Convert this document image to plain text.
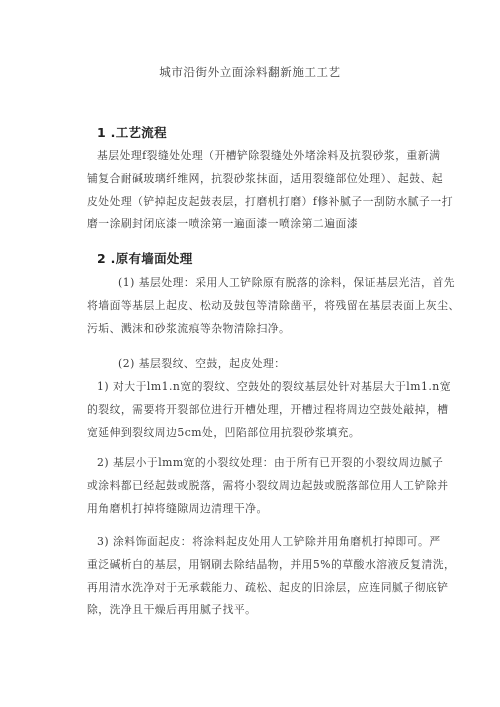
城市沿街外立面涂料翻新施工工艺
1 .工艺流程
基层处理f裂缝处处理（开槽铲除裂缝处外堵涂料及抗裂砂浆，重新满
铺复合耐碱玻璃纤维网，抗裂砂浆抹面，适用裂缝部位处理）、起鼓、起
皮处处理（铲掉起皮起鼓表层，打磨机打磨）f修补腻子一刮防水腻子一打
磨一涂刷封闭底漆一喷涂第一遍面漆一喷涂第二遍面漆
2 .原有墙面处理
(1) 基层处理：采用人工铲除原有脱落的涂料，保证基层光洁，首先
将墙面等基层上起皮、松动及鼓包等清除凿平，将残留在基层表面上灰尘、
污垢、溅沫和砂浆流痕等杂物清除扫净。
(2) 基层裂纹、空鼓，起皮处理：
1) 对大于lm1.n宽的裂纹、空鼓处的裂纹基层处针对基层大于lm1.n宽
的裂纹，需要将开裂部位进行开槽处理，开槽过程将周边空鼓处敲掉，槽
宽延伸到裂纹周边5cm处，凹陷部位用抗裂砂浆填充。
2) 基层小于lmm宽的小裂纹处理：由于所有已开裂的小裂纹周边腻子
或涂料都已经起鼓或脱落，需将小裂纹周边起鼓或脱落部位用人工铲除并
用角磨机打掉将缝隙周边清理干净。
3) 涂料饰面起皮：将涂料起皮处用人工铲除并用角磨机打掉即可。严
重泛碱析白的基层，用钢刷去除结晶物，并用5%的草酸水溶液反复清洗，
再用清水洗净对于无承载能力、疏松、起皮的旧涂层，应连同腻子彻底铲
除，洗净且干燥后再用腻子找平。
